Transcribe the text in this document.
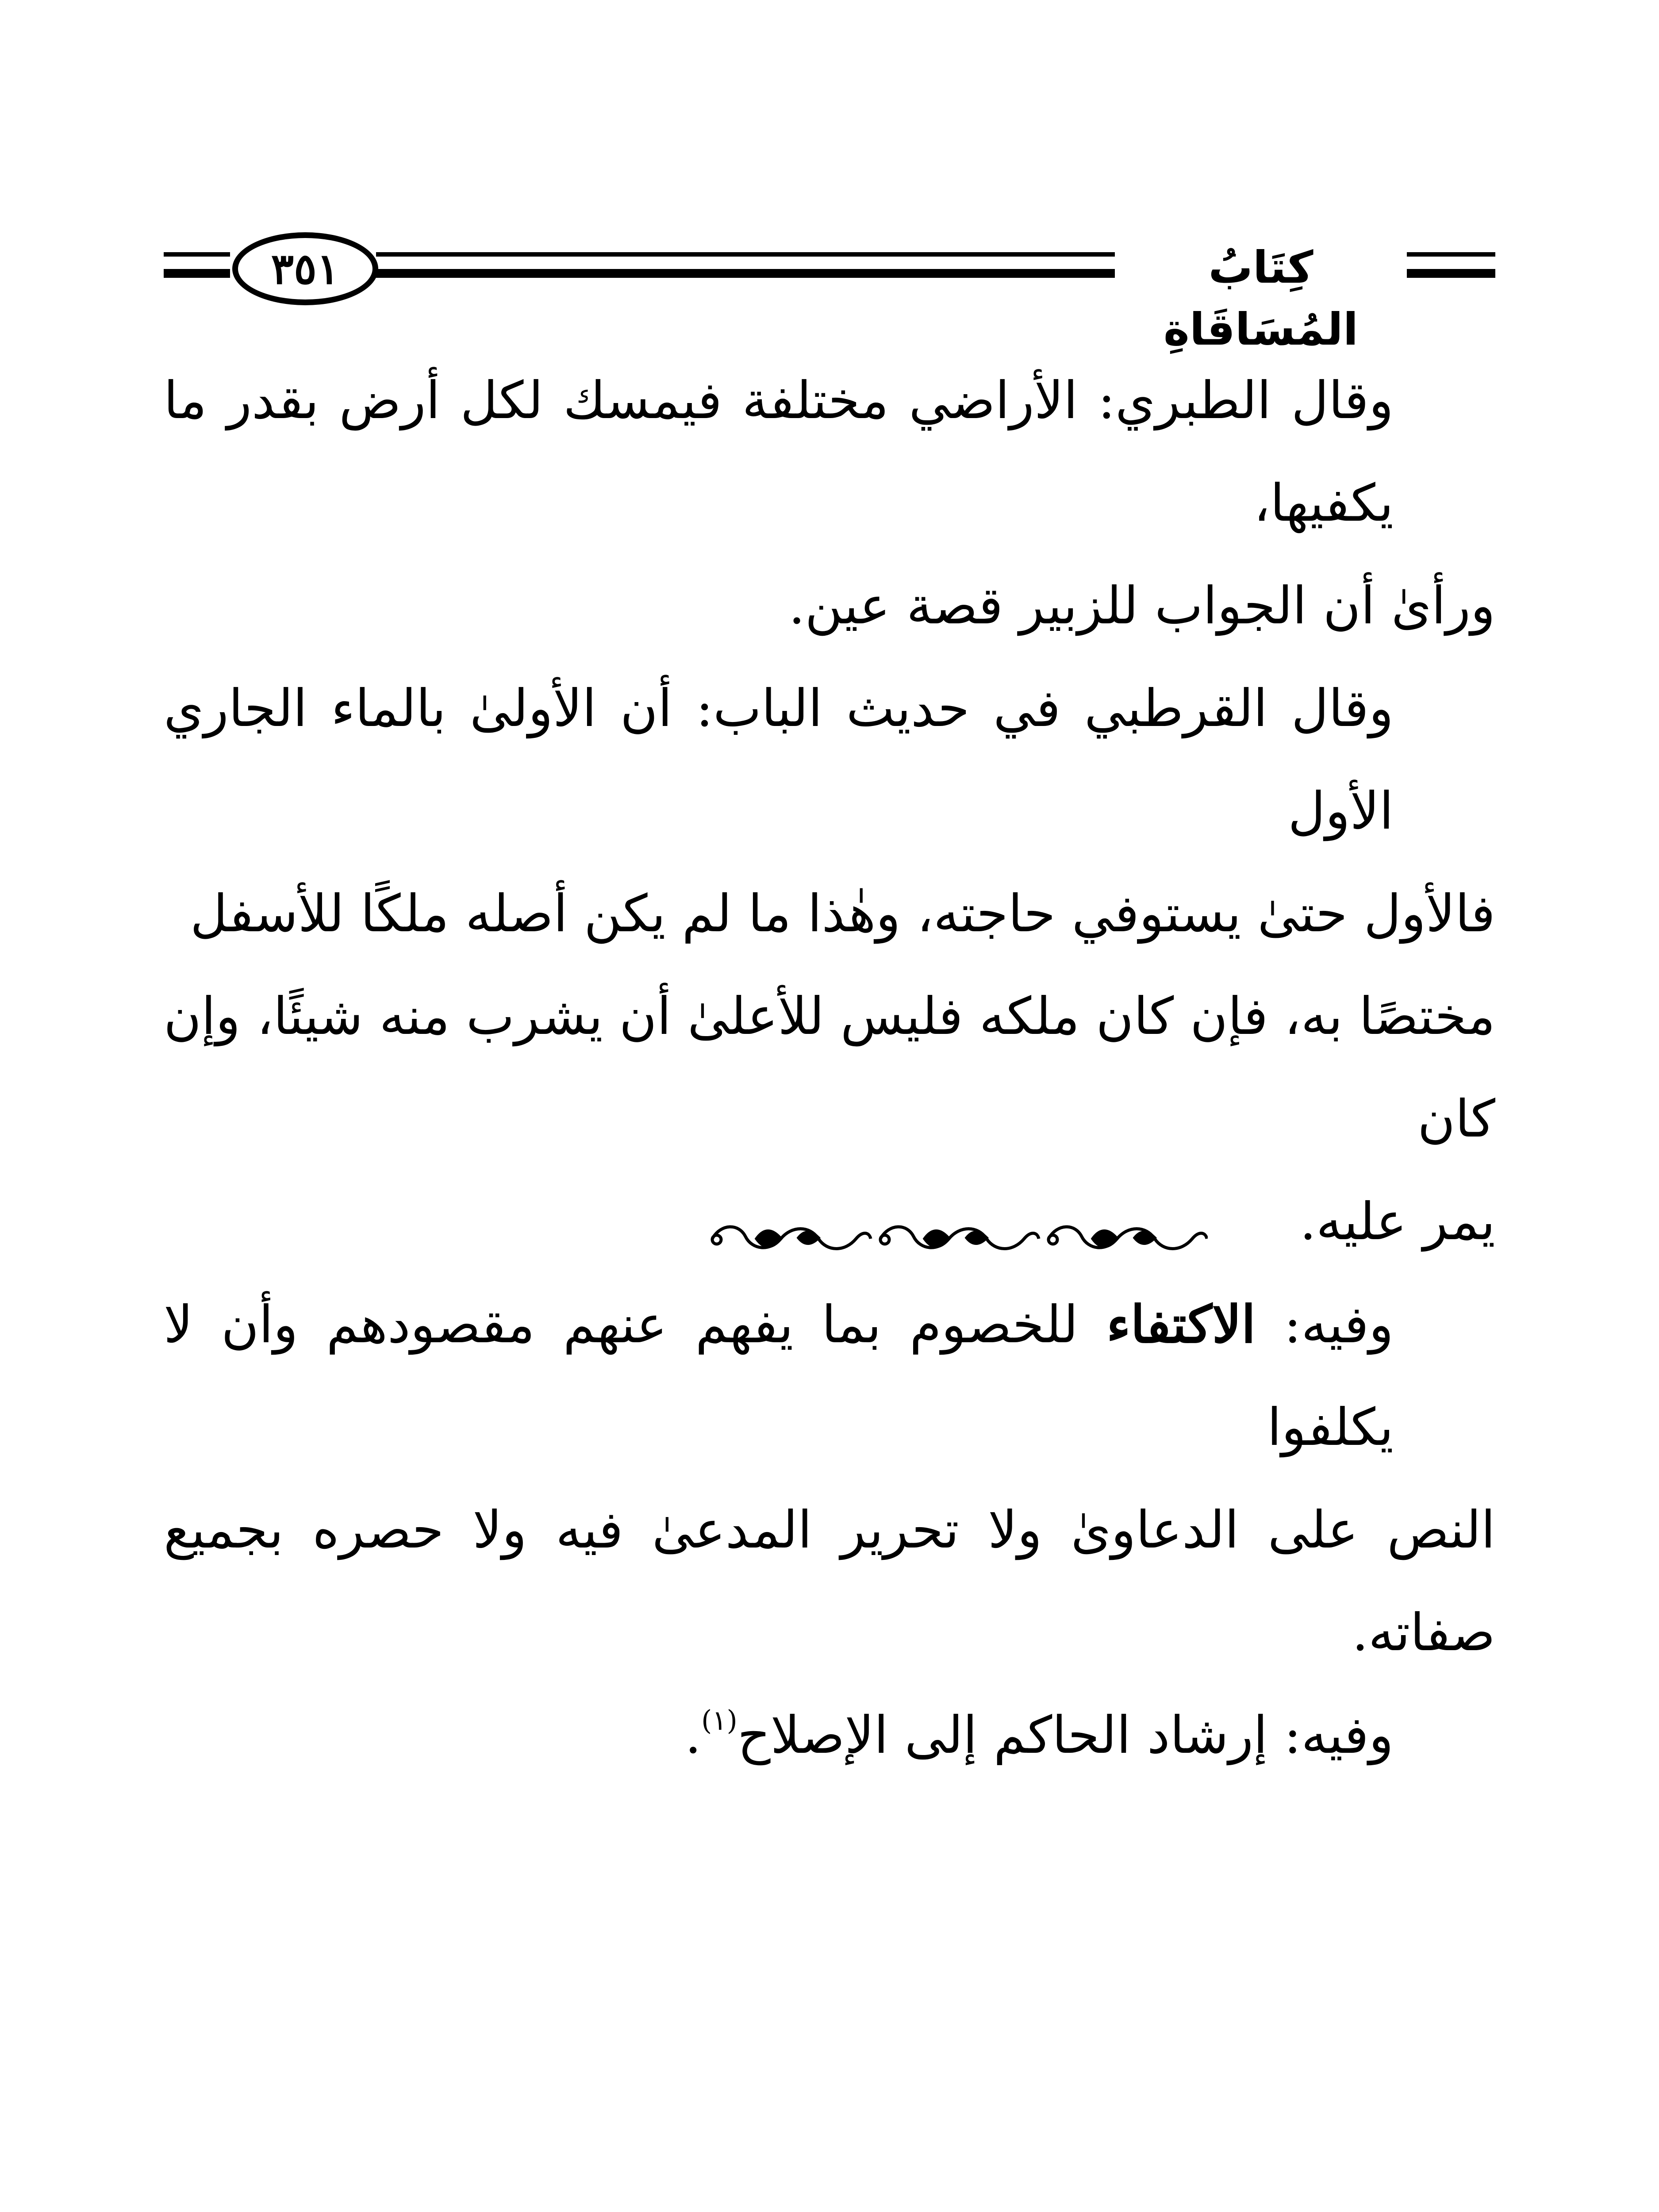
٣٥١	كِتَابُ المُسَاقَاةِ
وقال الطبري: الأراضي مختلفة فيمسك لكل أرض بقدر ما يكفيها،
ورأىٰ أن الجواب للزبير قصة عين.
وقال القرطبي في حديث الباب: أن الأولىٰ بالماء الجاري الأول
فالأول حتىٰ يستوفي حاجته، وهٰذا ما لم يكن أصله ملكًا للأسفل
مختصًا به، فإن كان ملكه فليس للأعلىٰ أن يشرب منه شيئًا، وإن كان
يمر عليه.
وفيه: الاكتفاء للخصوم بما يفهم عنهم مقصودهم وأن لا يكلفوا
النص على الدعاوىٰ ولا تحرير المدعىٰ فيه ولا حصره بجميع صفاته.
وفيه: إرشاد الحاكم إلى الإصلاح$^{(١)}$.
